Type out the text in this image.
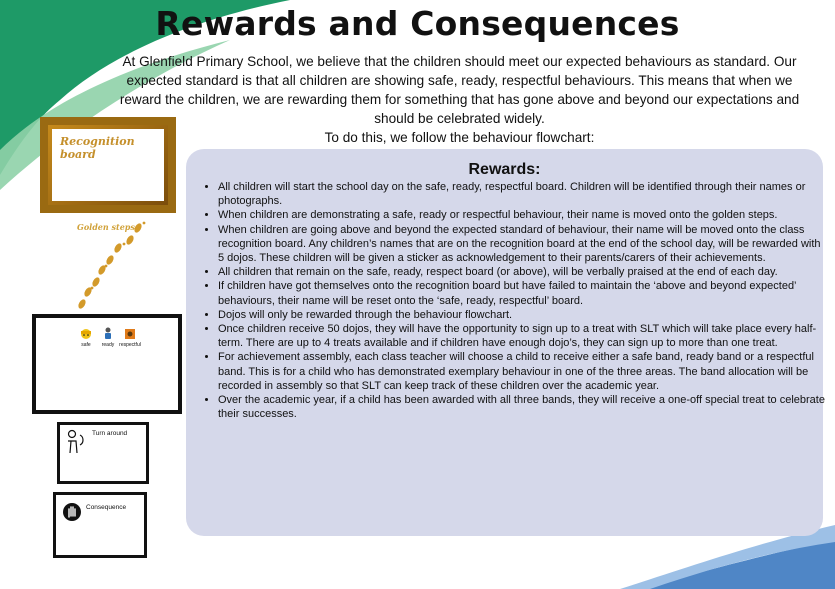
Rewards and Consequences
At Glenfield Primary School, we believe that the children should meet our expected behaviours as standard. Our
expected standard is that all children are showing safe, ready, respectful behaviours. This means that when we
reward the children, we are rewarding them for something that has gone above and beyond our expectations and
should be celebrated widely.
To do this, we follow the behaviour flowchart:
Recognition board
Golden steps
safe	ready respectful
Turn around
Consequence
Rewards:
• All children will start the school day on the safe, ready, respectful board. Children will be identified through their names or photographs.
• When children are demonstrating a safe, ready or respectful behaviour, their name is moved onto the golden steps.
• When children are going above and beyond the expected standard of behaviour, their name will be moved onto the class recognition board. Any children’s names that are on the recognition board at the end of the school day, will be rewarded with 5 dojos. These children will be given a sticker as acknowledgement to their parents/carers of their achievements.
• All children that remain on the safe, ready, respect board (or above), will be verbally praised at the end of each day.
• If children have got themselves onto the recognition board but have failed to maintain the ‘above and beyond expected’ behaviours, their name will be reset onto the ‘safe, ready, respectful’ board.
• Dojos will only be rewarded through the behaviour flowchart.
• Once children receive 50 dojos, they will have the opportunity to sign up to a treat with SLT which will take place every half-term. There are up to 4 treats available and if children have enough dojo’s, they can sign up to more than one treat.
• For achievement assembly, each class teacher will choose a child to receive either a safe band, ready band or a respectful band. This is for a child who has demonstrated exemplary behaviour in one of the three areas. The band allocation will be recorded in assembly so that SLT can keep track of these children over the academic year.
• Over the academic year, if a child has been awarded with all three bands, they will receive a one-off special treat to celebrate their successes.
